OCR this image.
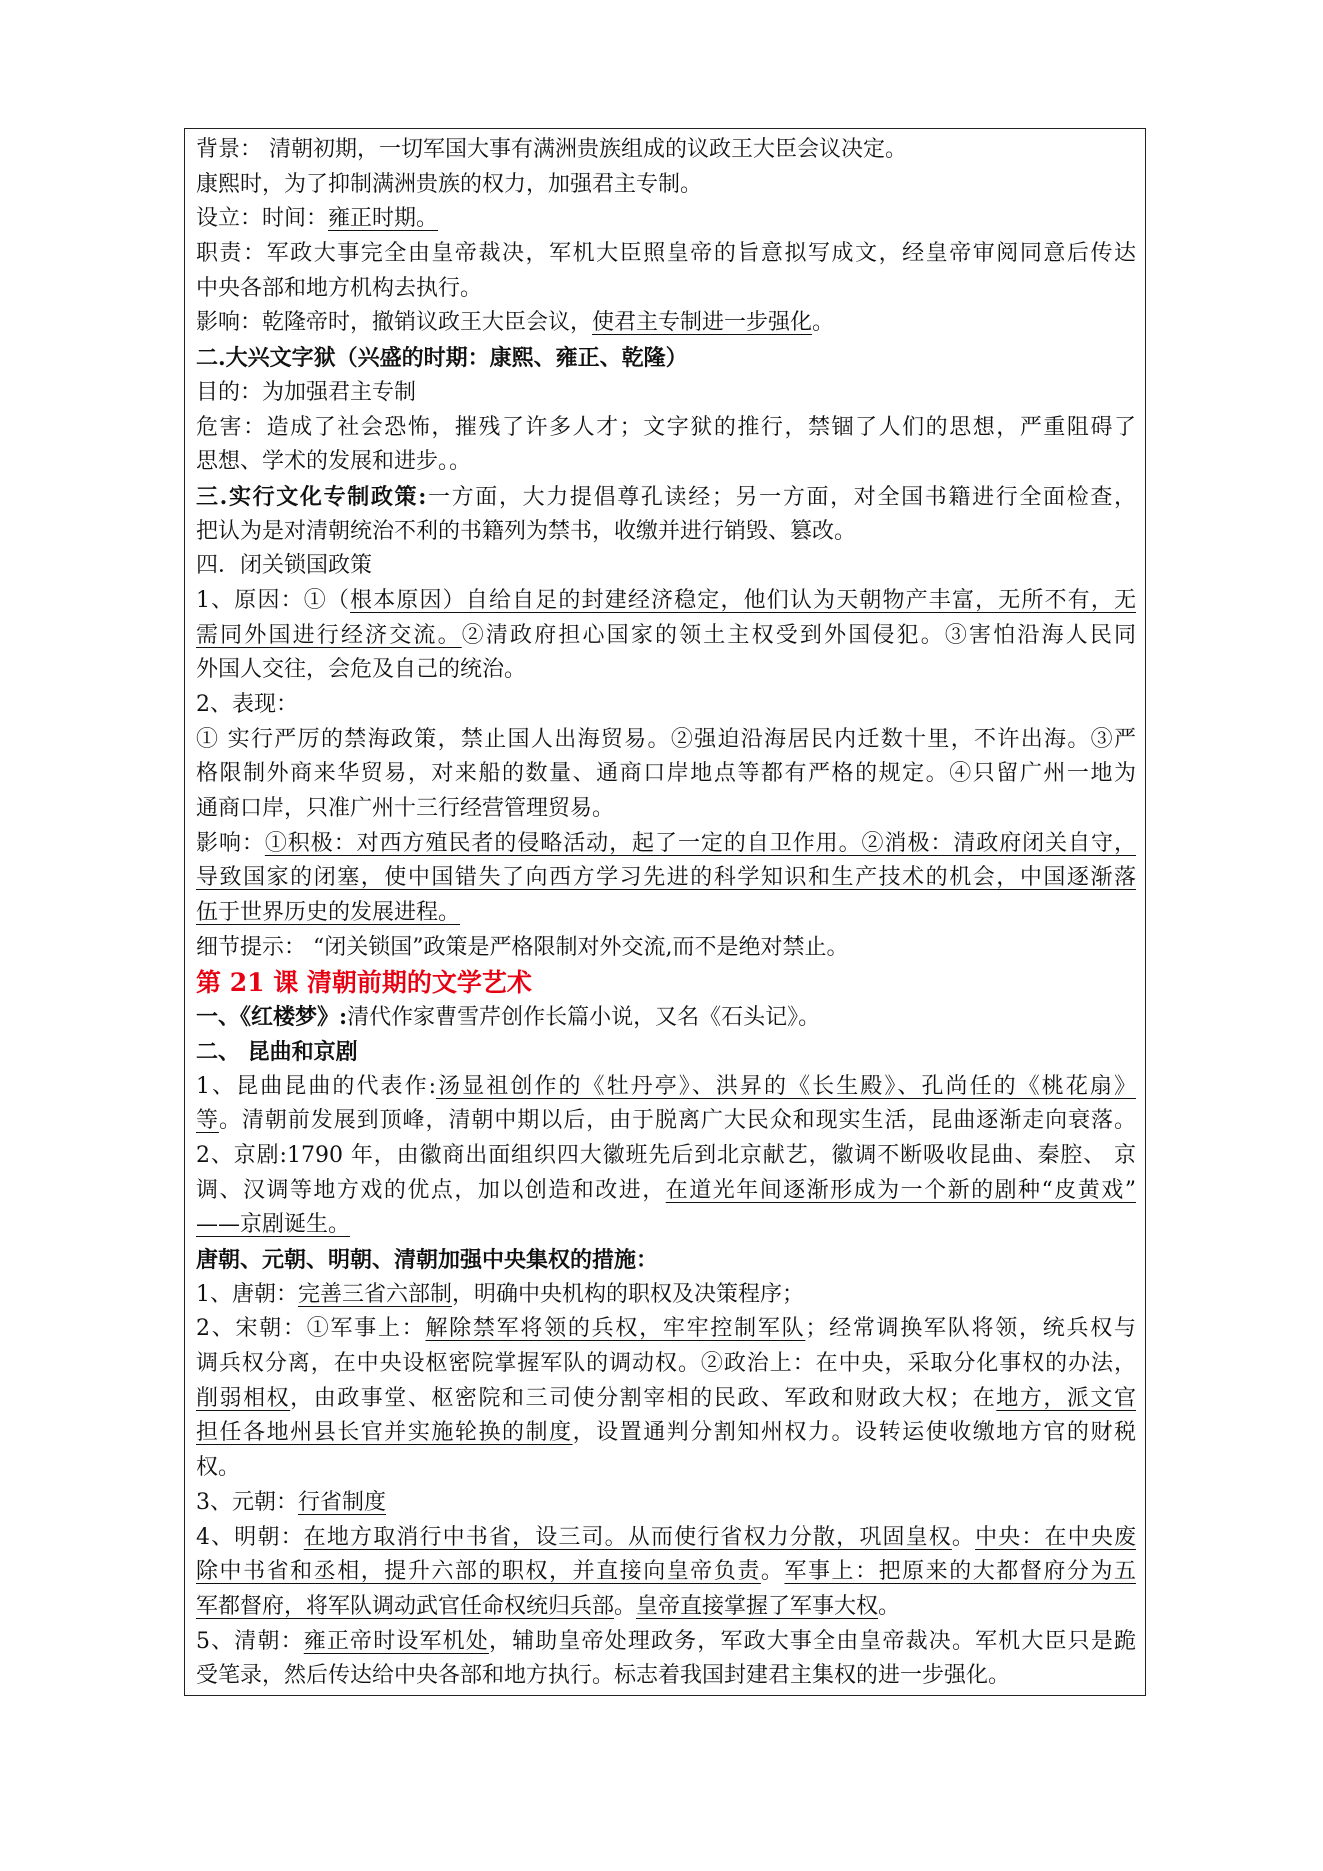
背景： 清朝初期，一切军国大事有满洲贵族组成的议政王大臣会议决定。
康熙时，为了抑制满洲贵族的权力，加强君主专制。
设立：时间：雍正时期。
职责：军政大事完全由皇帝裁决，军机大臣照皇帝的旨意拟写成文，经皇帝审阅同意后传达
中央各部和地方机构去执行。
影响：乾隆帝时，撤销议政王大臣会议，使君主专制进一步强化。
二.大兴文字狱（兴盛的时期：康熙、雍正、乾隆）
目的：为加强君主专制
危害：造成了社会恐怖，摧残了许多人才；文字狱的推行，禁锢了人们的思想，严重阻碍了
思想、学术的发展和进步。。
三.实行文化专制政策:一方面，大力提倡尊孔读经；另一方面，对全国书籍进行全面检查，
把认为是对清朝统治不利的书籍列为禁书，收缴并进行销毁、篡改。
四．闭关锁国政策
1、原因：①（根本原因）自给自足的封建经济稳定，他们认为天朝物产丰富，无所不有，无
需同外国进行经济交流。②清政府担心国家的领土主权受到外国侵犯。③害怕沿海人民同
外国人交往，会危及自己的统治。
2、表现：
① 实行严厉的禁海政策，禁止国人出海贸易。②强迫沿海居民内迁数十里，不许出海。③严
格限制外商来华贸易，对来船的数量、通商口岸地点等都有严格的规定。④只留广州一地为
通商口岸，只准广州十三行经营管理贸易。
影响：①积极：对西方殖民者的侵略活动，起了一定的自卫作用。②消极：清政府闭关自守，
导致国家的闭塞，使中国错失了向西方学习先进的科学知识和生产技术的机会，中国逐渐落
伍于世界历史的发展进程。
细节提示： “闭关锁国”政策是严格限制对外交流,而不是绝对禁止。
第 21 课 清朝前期的文学艺术
一、《红楼梦》:清代作家曹雪芹创作长篇小说，又名《石头记》。
二、 昆曲和京剧
1、昆曲昆曲的代表作:汤显祖创作的《牡丹亭》、洪昇的《长生殿》、孔尚任的《桃花扇》
等。清朝前发展到顶峰，清朝中期以后，由于脱离广大民众和现实生活，昆曲逐渐走向衰落。
2、京剧:1790 年，由徽商出面组织四大徽班先后到北京献艺，徽调不断吸收昆曲、秦腔、 京
调、汉调等地方戏的优点，加以创造和改进，在道光年间逐渐形成为一个新的剧种“皮黄戏”
——京剧诞生。
唐朝、元朝、明朝、清朝加强中央集权的措施：
1、唐朝：完善三省六部制，明确中央机构的职权及决策程序；
2、宋朝：①军事上：解除禁军将领的兵权，牢牢控制军队；经常调换军队将领，统兵权与
调兵权分离，在中央设枢密院掌握军队的调动权。②政治上：在中央，采取分化事权的办法，
削弱相权，由政事堂、枢密院和三司使分割宰相的民政、军政和财政大权；在地方，派文官
担任各地州县长官并实施轮换的制度，设置通判分割知州权力。设转运使收缴地方官的财税
权。
3、元朝：行省制度
4、明朝：在地方取消行中书省，设三司。从而使行省权力分散，巩固皇权。中央：在中央废
除中书省和丞相，提升六部的职权，并直接向皇帝负责。军事上：把原来的大都督府分为五
军都督府，将军队调动武官任命权统归兵部。皇帝直接掌握了军事大权。
5、清朝：雍正帝时设军机处，辅助皇帝处理政务，军政大事全由皇帝裁决。军机大臣只是跪
受笔录，然后传达给中央各部和地方执行。标志着我国封建君主集权的进一步强化。
